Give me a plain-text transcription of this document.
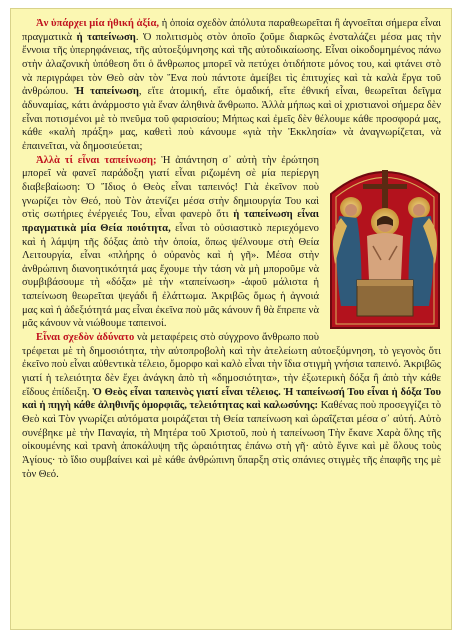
Ἀν ὑπάρχει μία ἠθική ἀξία, ἡ ὁποία σχεδὸν ἀπόλυτα παραθεωρεῖται ἢ ἀγνοεῖται σήμερα εἶναι πραγματικὰ ἡ ταπείνωση. Ὁ πολιτισμὸς στὸν ὁποῖο ζοῦμε διαρκῶς ἐνσταλάζει μέσα μας τὴν ἔννοια τῆς ὑπερηφάνειας, τῆς αὐτοεξύμνησης καὶ τῆς αὐτοδικαίωσης. Εἶναι οἰκοδομημένος πάνω στὴν ἀλαζονικὴ ὑπόθεση ὅτι ὁ ἄνθρωπος μπορεῖ νὰ πετύχει ὁτιδήποτε μόνος του, καὶ φτάνει στὸ νὰ περιγράφει τὸν Θεὸ σὰν τὸν Ἕνα ποὺ πάντοτε ἀμείβει τὶς ἐπιτυχίες καὶ τὰ καλὰ ἔργα τοῦ ἀνθρώπου. Ἡ ταπείνωση, εἴτε ἀτομική, εἴτε ὁμαδική, εἴτε ἐθνική εἶναι, θεωρεῖται δεῖγμα ἀδυναμίας, κάτι ἀνάρμοστο γιὰ ἕναν ἀληθινὰ ἄνθρωπο. Ἀλλὰ μήπως καὶ οἱ χριστιανοὶ σήμερα δὲν εἶναι ποτισμένοι μὲ τὸ πνεῦμα τοῦ φαρισαίου; Μήπως καὶ ἐμεῖς δὲν θέλουμε κάθε προσφορά μας, κάθε «καλὴ πράξη» μας, καθετὶ ποὺ κάνουμε «γιὰ τὴν Ἐκκλησία» νὰ ἀναγνωρίζεται, νὰ ἐπαινεῖται, νὰ δημοσιεύεται;

Ἀλλὰ τί εἶναι ταπείνωση; Ἡ ἀπάντηση σ᾽ αὐτὴ τὴν ἐρώτηση μπορεῖ νὰ φανεῖ παράδοξη γιατί εἶναι ριζωμένη σὲ μία περίεργη διαβεβαίωση: Ὁ Ἴδιος ὁ Θεὸς εἶναι ταπεινός! Γιὰ ἐκεῖνον ποὺ γνωρίζει τὸν Θεό, ποὺ Τὸν ἀτενίζει μέσα στὴν δημιουργία Του καὶ στὶς σωτήριες ἐνέργειές Του, εἶναι φανερὸ ὅτι ἡ ταπείνωση εἶναι πραγματικὰ μία Θεία ποιότητα, εἶναι τὸ οὐσιαστικὸ περιεχόμενο καὶ ἡ λάμψη τῆς δόξας ἀπὸ τὴν ὁποία, ὅπως ψέλνουμε στὴ Θεία Λειτουργία, εἶναι «πλήρης ὁ οὐρανὸς καὶ ἡ γῆ». Μέσα στὴν ἀνθρώπινη διανοητικότητά μας ἔχουμε τὴν τάση νὰ μὴ μποροῦμε νὰ συμβιβάσουμε τὴ «δόξα» μὲ τὴν «ταπείνωση» -ἀφοῦ μάλιστα ἡ ταπείνωση θεωρεῖται ψεγάδι ἢ ἐλάττωμα. Ἀκριβῶς ὅμως ἡ ἀγνοιά μας καὶ ἡ ἀδεξιότητά μας εἶναι ἐκεῖνα ποὺ μᾶς κάνουν ἢ θὰ ἔπρεπε νὰ μᾶς κάνουν νὰ νιώθουμε ταπεινοί.

Εἶναι σχεδὸν ἀδύνατο νὰ μεταφέρεις στὸ σύγχρονο ἄνθρωπο ποὺ τρέφεται μὲ τὴ δημοσιότητα, τὴν αὐτοπροβολὴ καὶ τὴν ἀτελείωτη αὐτοεξύμνηση, τὸ γεγονὸς ὅτι ἐκεῖνο ποὺ εἶναι αὐθεντικὰ τέλειο, ὄμορφο καὶ καλὸ εἶναι τὴν ἴδια στιγμὴ γνήσια ταπεινό. Ἀκριβῶς γιατί ἡ τελειότητα δὲν ἔχει ἀνάγκη ἀπὸ τὴ «δημοσιότητα», τὴν ἐξωτερικὴ δόξα ἢ ἀπὸ τὴν κάθε εἴδους ἐπίδειξη. Ὁ Θεὸς εἶναι ταπεινὸς γιατί εἶναι τέλειος. Ἡ ταπείνωσή Του εἶναι ἡ δόξα Του καὶ ἡ πηγὴ κάθε ἀληθινῆς ὀμορφιᾶς, τελειότητας καὶ καλωσύνης: Καθένας ποὺ προσεγγίζει τὸ Θεὸ καὶ Τὸν γνωρίζει αὐτόματα μοιράζεται τὴ Θεία ταπείνωση καὶ ὡραΐζεται μέσα σ᾽ αὐτή. Αὐτὸ συνέβηκε μὲ τὴν Παναγία, τὴ Μητέρα τοῦ Χριστοῦ, ποὺ ἡ ταπείνωση Τὴν ἔκανε Χαρὰ ὅλης τῆς οἰκουμένης καὶ τρανὴ ἀποκάλυψη τῆς ὡραιότητας ἐπάνω στὴ γῆ· αὐτὸ ἔγινε καὶ μὲ ὅλους τοὺς Ἁγίους· τὸ ἴδιο συμβαίνει καὶ μὲ κάθε ἀνθρώπινη ὕπαρξη στὶς σπάνιες στιγμὲς τῆς ἐπαφῆς της μὲ τὸν Θεό.
